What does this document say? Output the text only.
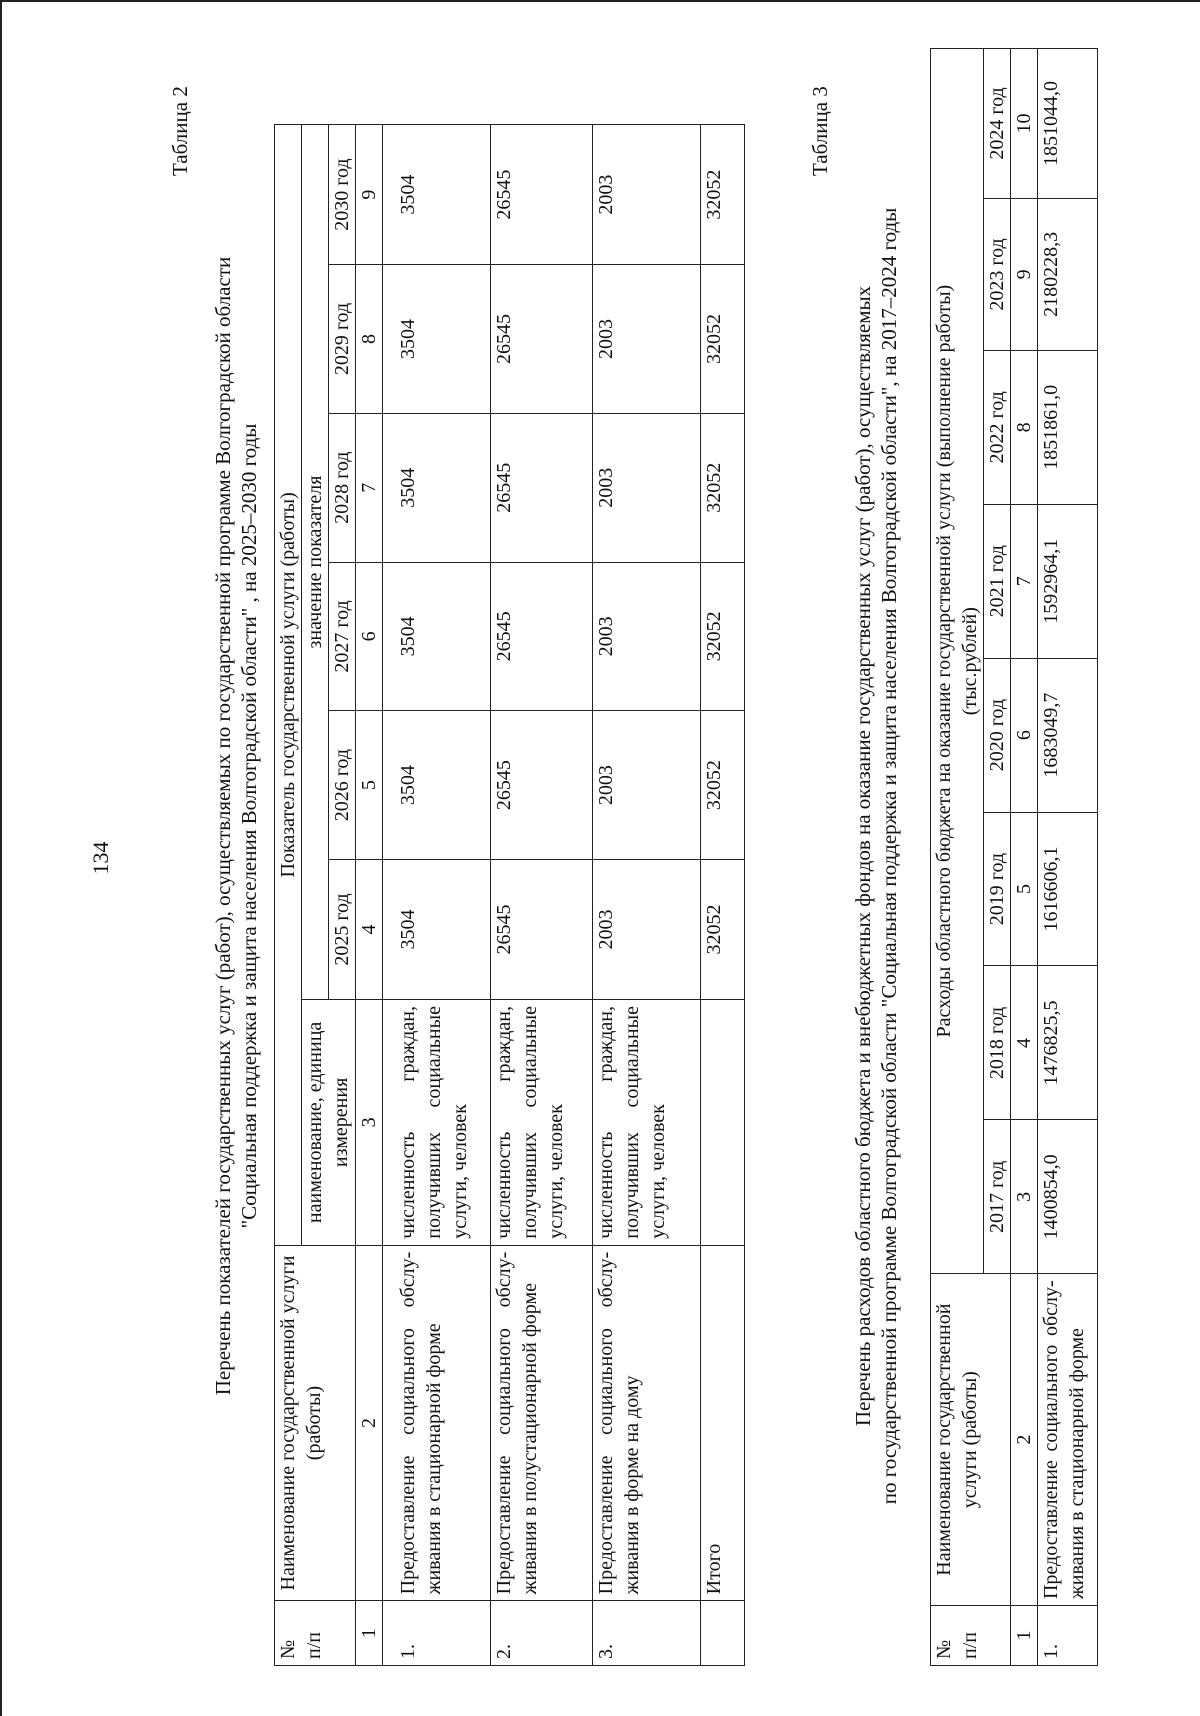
134
Таблица 2
Перечень показателей государственных услуг (работ), осуществляемых по государственной программе Волгоградской области "Социальная поддержка и защита населения Волгоградской области" , на 2025–2030 годы
№ п/п	Наименование государственной услуги (работы)	Показатель государственной услуги (работы)						
		наименование, единица измерения	значение показателя					
			2025 год	2026 год	2027 год	2028 год	2029 год	2030 год
1	2	3	4	5	6	7	8	9
1.	Предоставление социального обслу-живания в стационарной форме	численность граждан, получивших социальные услуги, человек	3504	3504	3504	3504	3504	3504
2.	Предоставление социального обслу-живания в полустационарной форме	численность граждан, получивших социальные услуги, человек	26545	26545	26545	26545	26545	26545
3.	Предоставление социального обслу-живания в форме на дому	численность граждан, получивших социальные услуги, человек	2003	2003	2003	2003	2003	2003
	Итого		32052	32052	32052	32052	32052	32052
Таблица 3
Перечень расходов областного бюджета и внебюджетных фондов на оказание государственных услуг (работ), осуществляемых по государственной программе Волгоградской области "Социальная поддержка и защита населения Волгоградской области", на 2017–2024 годы
№ п/п	Наименование государственной услуги (работы)	Расходы областного бюджета на оказание государственной услуги (выполнение работы) (тыс.рублей)							

		2017 год	2018 год	2019 год	2020 год	2021 год	2022 год	2023 год	2024 год
1	2	3	4	5	6	7	8	9	10
1.	Предоставление социального обслу-живания в стационарной форме	1400854,0	1476825,5	1616606,1	1683049,7	1592964,1	1851861,0	2180228,3	1851044,0
